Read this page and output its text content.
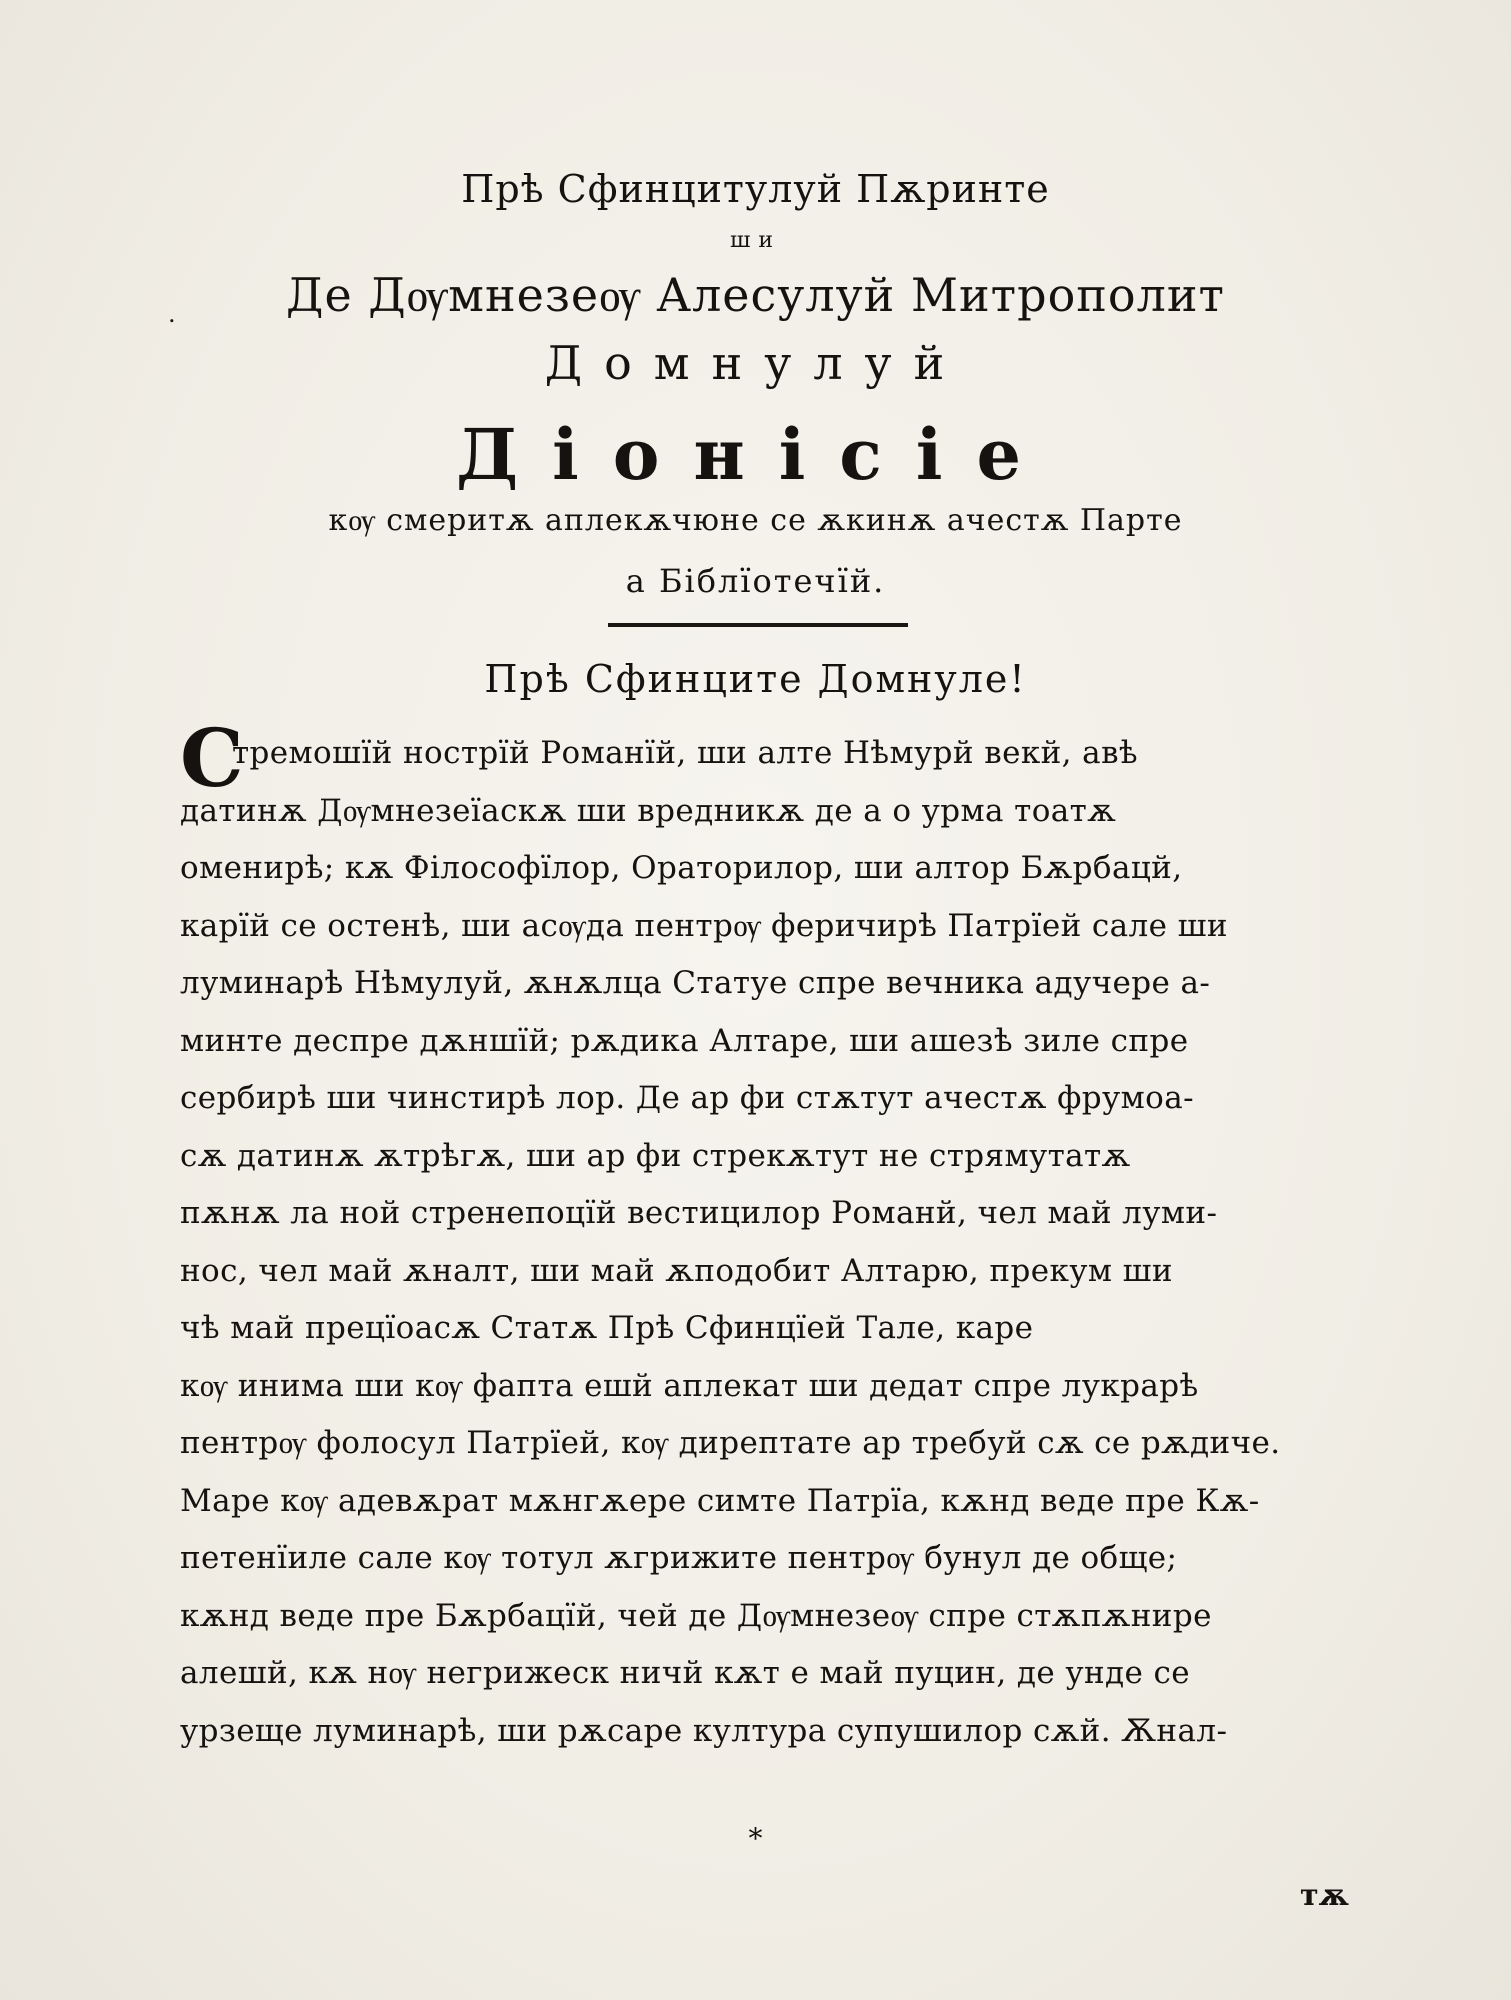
Прѣ Сфинцитулуй Пѫринте
ши
.	Де Дѹмнезеѹ Алесулуй Митрополит
Домнулуй
Діонісіе
кѹ смеритѫ аплекѫчюне се ѫкинѫ ачестѫ Парте
а Біблїотечїй.
Прѣ Сфинците Домнуле!
С
тремошїй нострїй Романїй, ши алте Нѣмурй векй, авѣ
датинѫ Дѹмнезеїаскѫ ши вредникѫ де а о урма тоатѫ
оменирѣ; кѫ Філософїлор, Ораторилор, ши алтор Бѫрбацй,
карїй се остенѣ, ши асѹда пентрѹ феричирѣ Патрїей сале ши
луминарѣ Нѣмулуй, ѫнѫлца Статуе спре вечника адучере а-
минте деспре дѫншїй; рѫдика Алтаре, ши ашезѣ зиле спре
сербирѣ ши чинстирѣ лор. Де ар фи стѫтут ачестѫ фрумоа-
сѫ датинѫ ѫтрѣгѫ, ши ар фи стрекѫтут не стрямутатѫ
пѫнѫ ла ной стренепоцїй вестицилор Романй, чел май луми-
нос, чел май ѫналт, ши май ѫподобит Алтарю, прекум ши
чѣ май прецїоасѫ Статѫ Прѣ Сфинцїей Тале, каре
кѹ инима ши кѹ фапта ешй аплекат ши дедат спре лукрарѣ
пентрѹ фолосул Патрїей, кѹ дирептате ар требуй сѫ се рѫдиче.
Маре кѹ адевѫрат мѫнгѫере симте Патрїа, кѫнд веде пре Кѫ-
петенїиле сале кѹ тотул ѫгрижите пентрѹ бунул де обще;
кѫнд веде пре Бѫрбацїй, чей де Дѹмнезеѹ спре стѫпѫнире
алешй, кѫ нѹ негрижеск ничй кѫт е май пуцин, де унде се
урзеще луминарѣ, ши рѫсаре култура супушилор сѫй. Ѫнал-
*
тѫ
